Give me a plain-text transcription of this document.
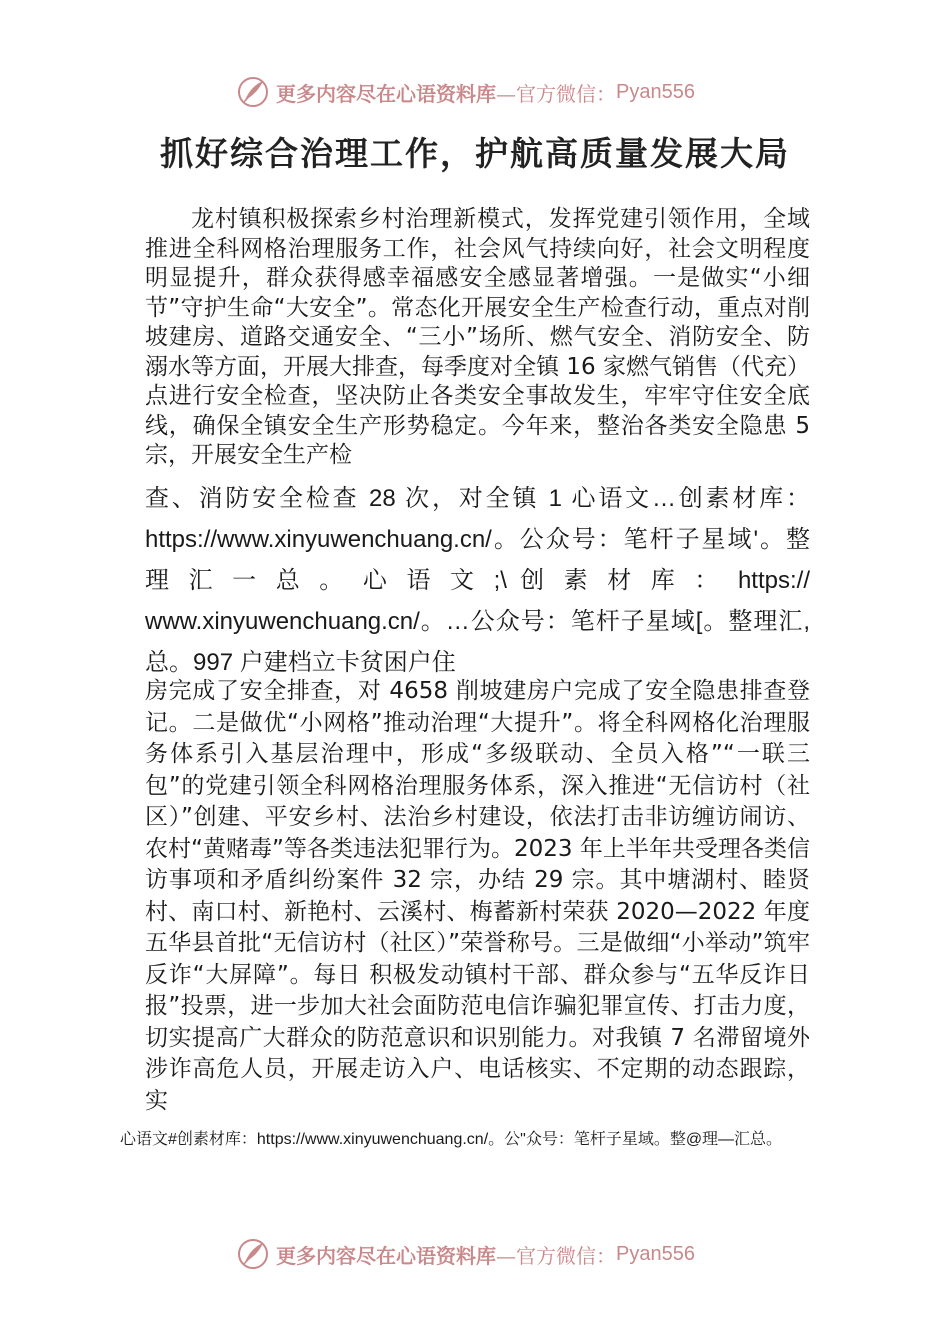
更多内容尽在心语资料库 —官方微信： Pyan556
抓好综合治理工作，护航高质量发展大局

龙村镇积极探索乡村治理新模式，发挥党建引领作用，全域推进全科网格治理服务工作，社会风气持续向好，社会文明程度明显提升，群众获得感幸福感安全感显著增强。一是做实“小细节”守护生命“大安全”。常态化开展安全生产检查行动，重点对削坡建房、道路交通安全、“三小”场所、燃气安全、消防安全、防溺水等方面，开展大排查，每季度对全镇 16 家燃气销售（代充）点进行安全检查，坚决防止各类安全事故发生，牢牢守住安全底线，确保全镇安全生产形势稳定。今年来，整治各类安全隐患 5 宗，开展安全生产检

查、消防安全检查 28 次，对全镇 1 心语文…创素材库：https://www.xinyuwenchuang.cn/。公众号：笔杆子星域'。整 理 汇 一 总 。 心 语 文 ;\ 创 素 材 库 ： https:// www.xinyuwenchuang.cn/。…公众号：笔杆子星域[。整理汇,总。997 户建档立卡贫困户住

房完成了安全排查，对 4658 削坡建房户完成了安全隐患排查登记。二是做优“小网格”推动治理“大提升”。将全科网格化治理服务体系引入基层治理中，形成“多级联动、全员入格”“一联三包”的党建引领全科网格治理服务体系，深入推进“无信访村（社区）”创建、平安乡村、法治乡村建设，依法打击非访缠访闹访、农村“黄赌毒”等各类违法犯罪行为。2023 年上半年共受理各类信访事项和矛盾纠纷案件 32 宗，办结 29 宗。其中塘湖村、睦贤村、南口村、新艳村、云溪村、梅蓄新村荣获 2020—2022 年度五华县首批“无信访村（社区）”荣誉称号。三是做细“小举动”筑牢反诈“大屏障”。每日 积极发动镇村干部、群众参与“五华反诈日报”投票，进一步加大社会面防范电信诈骗犯罪宣传、打击力度，切实提高广大群众的防范意识和识别能力。对我镇 7 名滞留境外涉诈高危人员，开展走访入户、电话核实、不定期的动态跟踪，实

心语文#创素材库：https://www.xinyuwenchuang.cn/。公"众号：笔杆子星域。整@理—汇总。

更多内容尽在心语资料库 —官方微信： Pyan556
